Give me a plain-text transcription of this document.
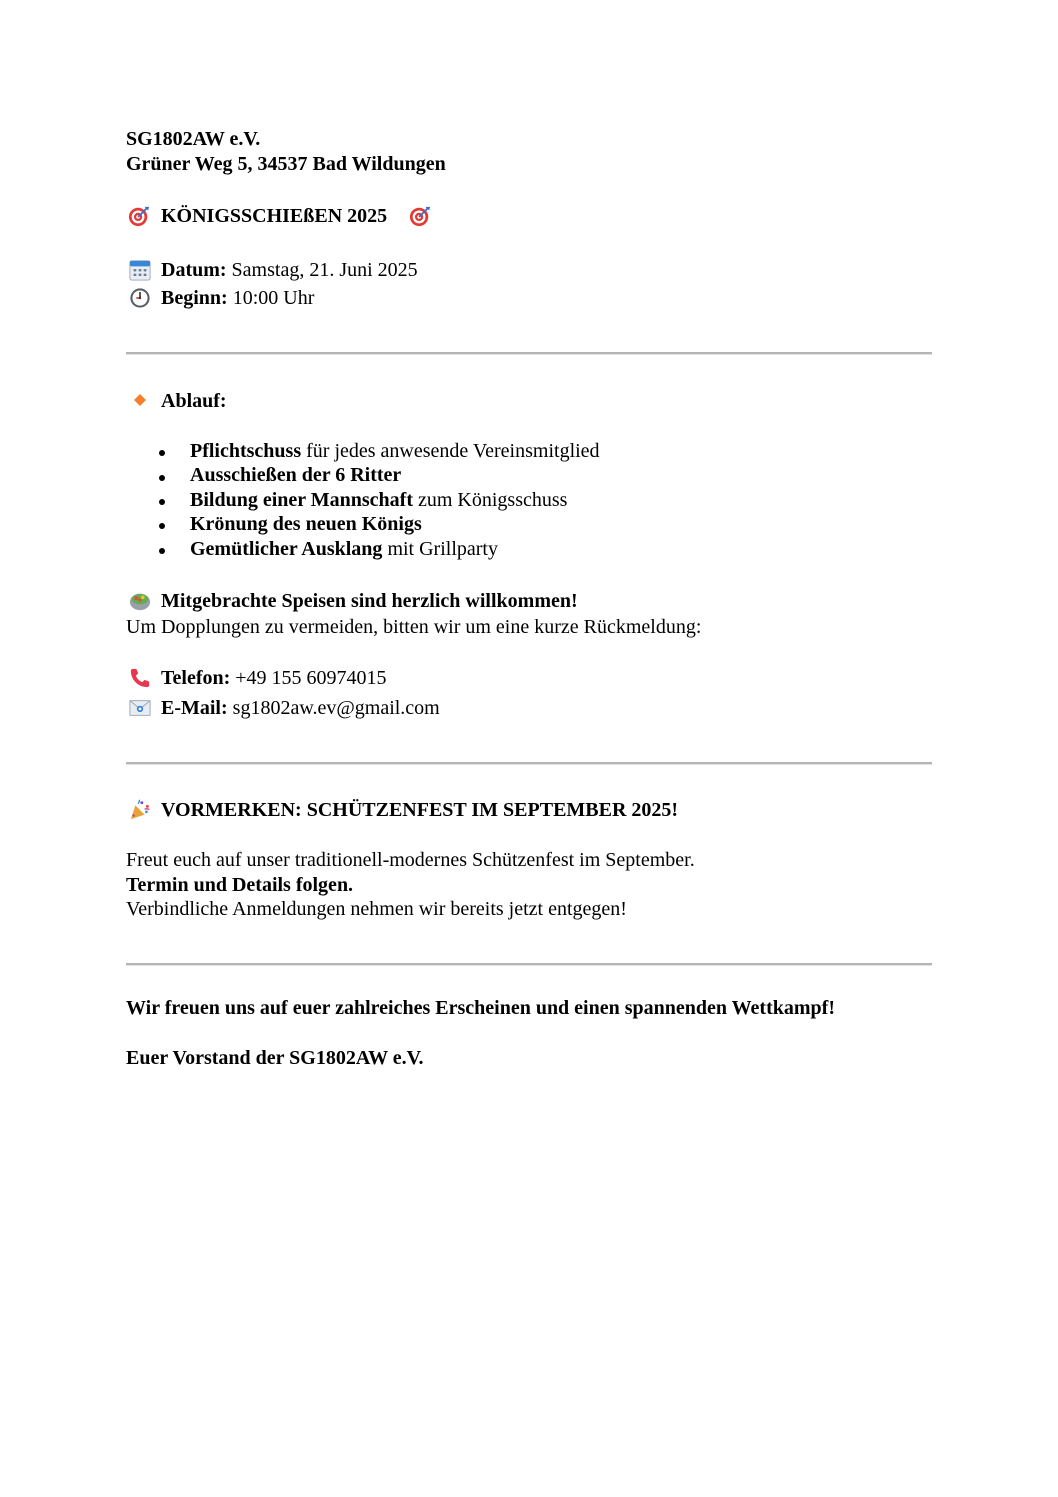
SG1802AW e.V.
Grüner Weg 5, 34537 Bad Wildungen
KÖNIGSSCHIEßEN 2025
Datum: Samstag, 21. Juni 2025
Beginn: 10:00 Uhr
Ablauf:
Pflichtschuss für jedes anwesende Vereinsmitglied
Ausschießen der 6 Ritter
Bildung einer Mannschaft zum Königsschuss
Krönung des neuen Königs
Gemütlicher Ausklang mit Grillparty
Mitgebrachte Speisen sind herzlich willkommen!
Um Dopplungen zu vermeiden, bitten wir um eine kurze Rückmeldung:
Telefon: +49 155 60974015
E-Mail: sg1802aw.ev@gmail.com
VORMERKEN: SCHÜTZENFEST IM SEPTEMBER 2025!
Freut euch auf unser traditionell-modernes Schützenfest im September.
Termin und Details folgen.
Verbindliche Anmeldungen nehmen wir bereits jetzt entgegen!
Wir freuen uns auf euer zahlreiches Erscheinen und einen spannenden Wettkampf!
Euer Vorstand der SG1802AW e.V.
